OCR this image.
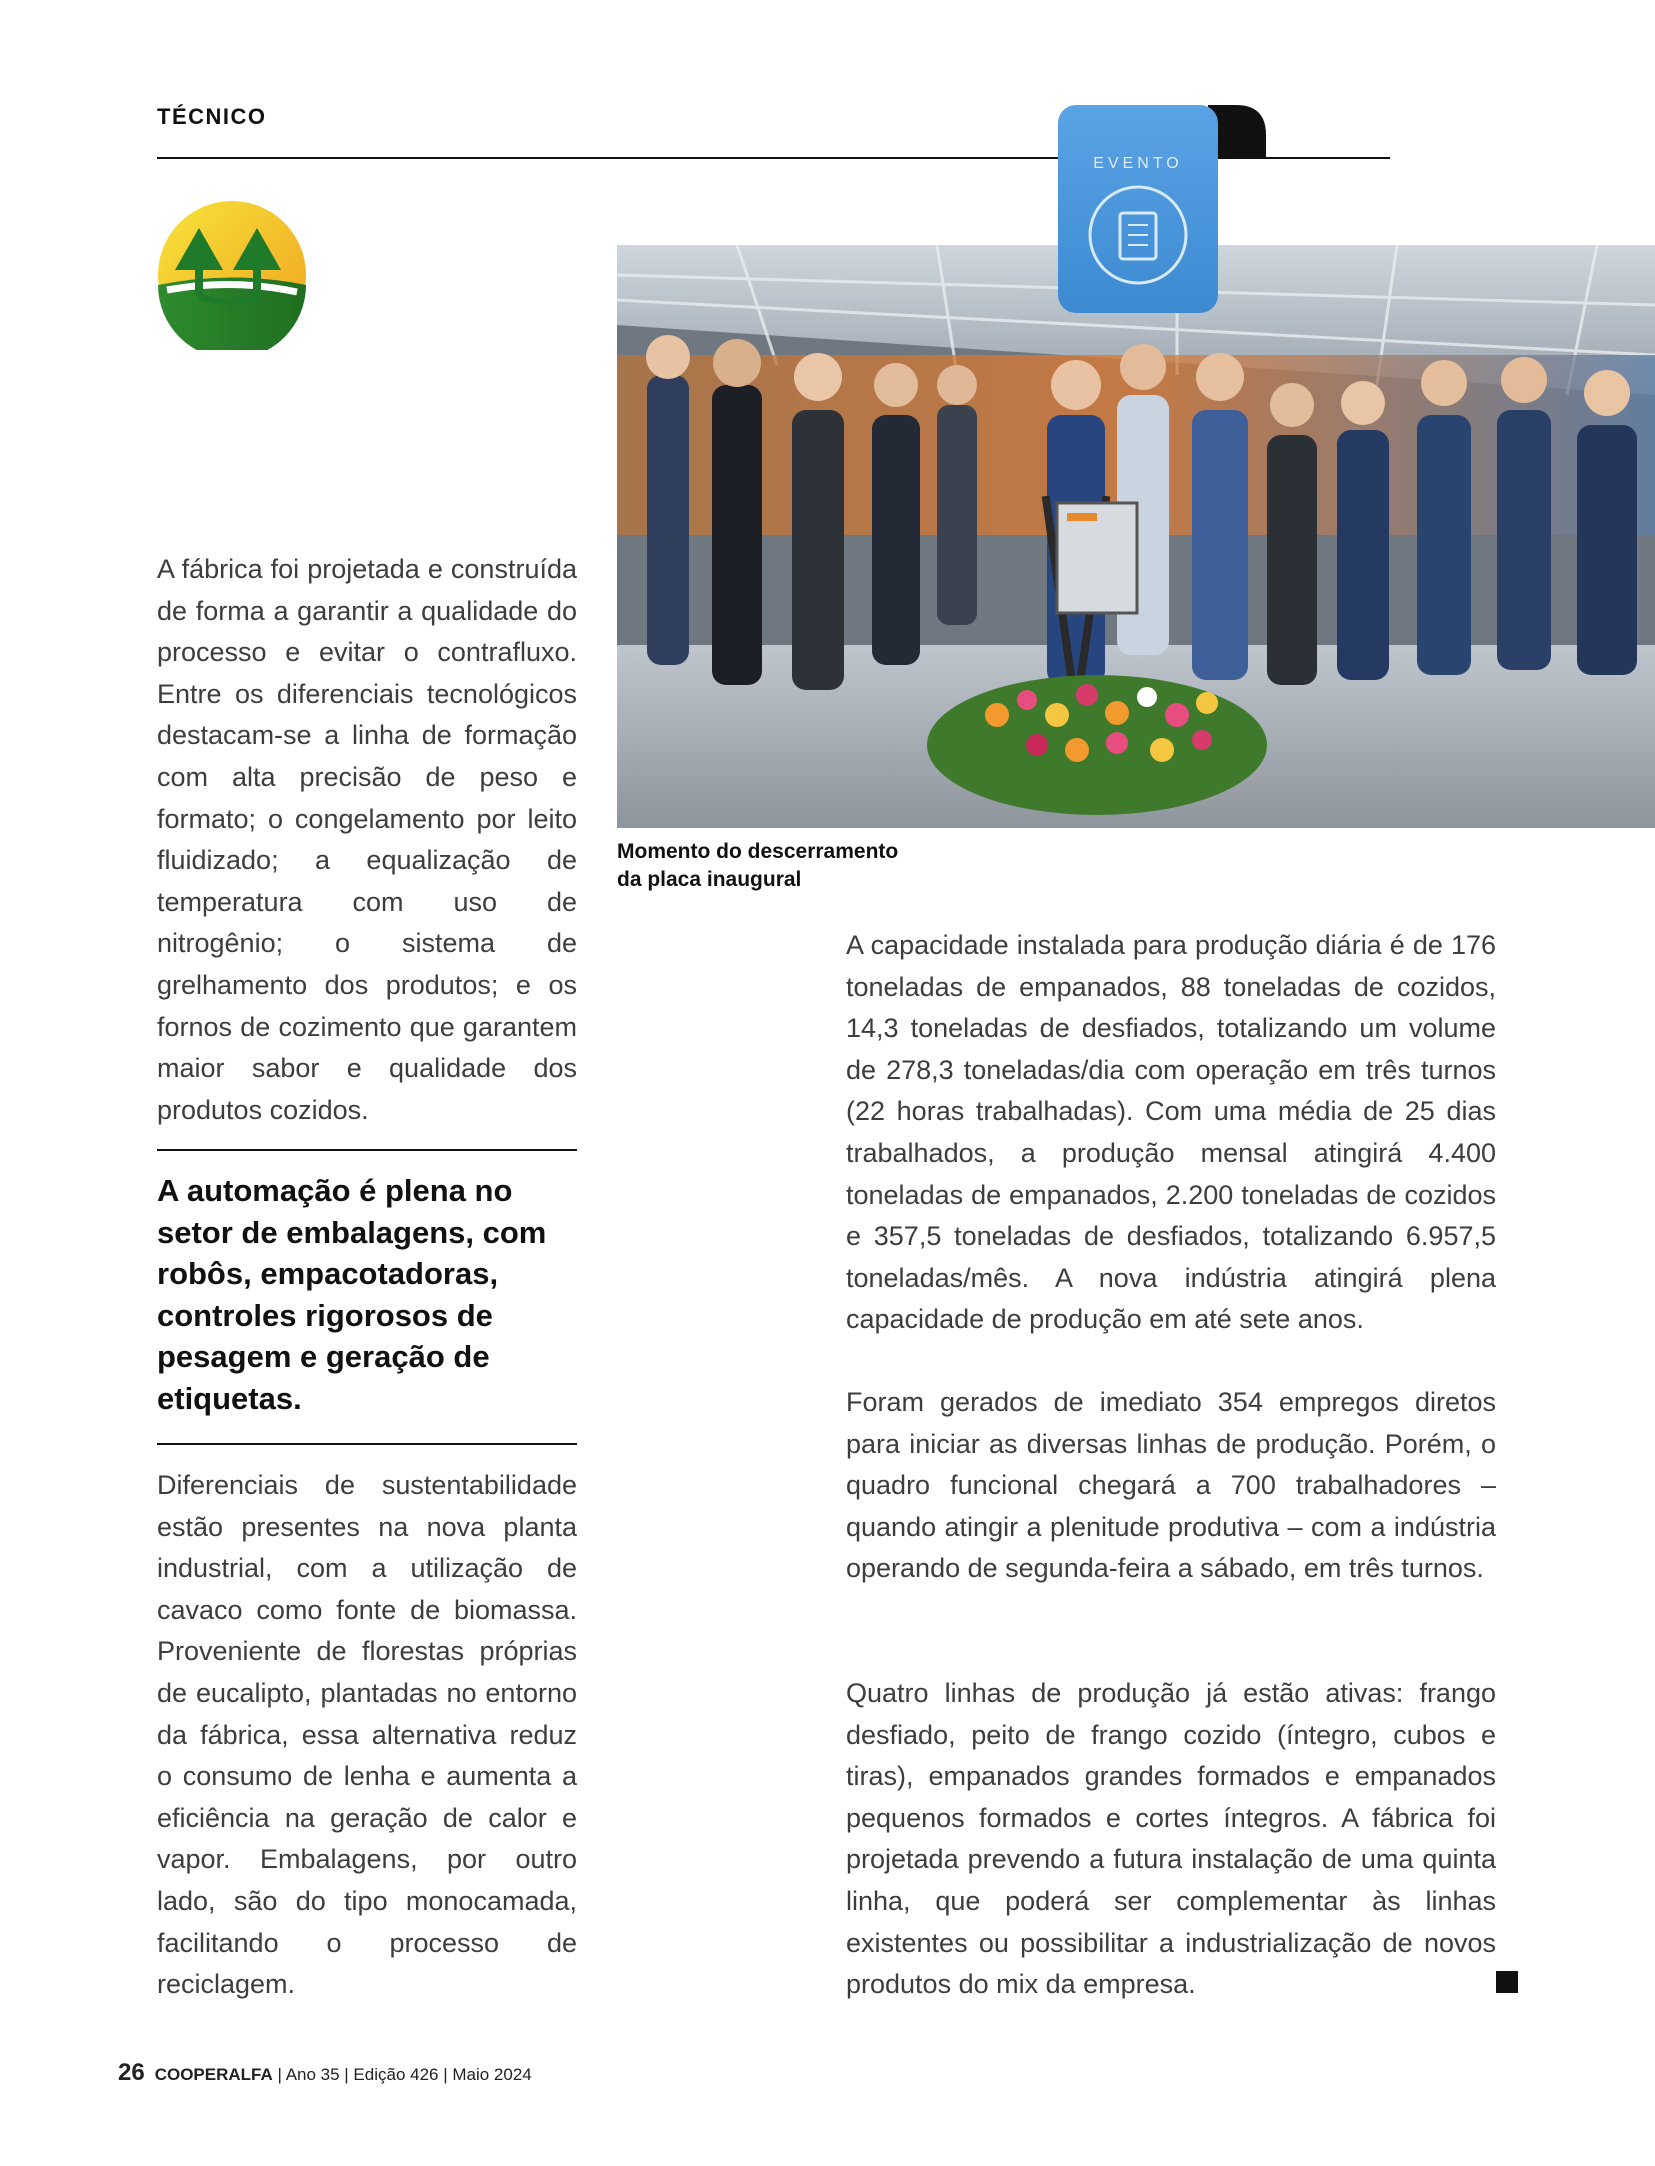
TÉCNICO
A fábrica foi projetada e construída de forma a garantir a qualidade do processo e evitar o contrafluxo. Entre os diferenciais tecnológicos destacam-se a linha de formação com alta precisão de peso e formato; o congelamento por leito fluidizado; a equalização de temperatura com uso de nitrogênio; o sistema de grelhamento dos produtos; e os fornos de cozimento que garantem maior sabor e qualidade dos produtos cozidos.
A automação é plena no setor de embalagens, com robôs, empacotadoras, controles rigorosos de pesagem e geração de etiquetas.
Diferenciais de sustentabilidade estão presentes na nova planta industrial, com a utilização de cavaco como fonte de biomassa. Proveniente de florestas próprias de eucalipto, plantadas no entorno da fábrica, essa alternativa reduz o consumo de lenha e aumenta a eficiência na geração de calor e vapor. Embalagens, por outro lado, são do tipo monocamada, facilitando o processo de reciclagem.
Momento do descerramento
da placa inaugural
EVENTO
A capacidade instalada para produção diária é de 176 toneladas de empanados, 88 toneladas de cozidos, 14,3 toneladas de desfiados, totalizando um volume de 278,3 toneladas/dia com operação em três turnos (22 horas trabalhadas). Com uma média de 25 dias trabalhados, a produção mensal atingirá 4.400 toneladas de empanados, 2.200 toneladas de cozidos e 357,5 toneladas de desfiados, totalizando 6.957,5 toneladas/mês. A nova indústria atingirá plena capacidade de produção em até sete anos.
Foram gerados de imediato 354 empregos diretos para iniciar as diversas linhas de produção. Porém, o quadro funcional chegará a 700 trabalhadores – quando atingir a plenitude produtiva – com a indústria operando de segunda-feira a sábado, em três turnos.
Quatro linhas de produção já estão ativas: frango desfiado, peito de frango cozido (íntegro, cubos e tiras), empanados grandes formados e empanados pequenos formados e cortes íntegros. A fábrica foi projetada prevendo a futura instalação de uma quinta linha, que poderá ser complementar às linhas existentes ou possibilitar a industrialização de novos produtos do mix da empresa.
26 COOPERALFA | Ano 35 | Edição 426 | Maio 2024
